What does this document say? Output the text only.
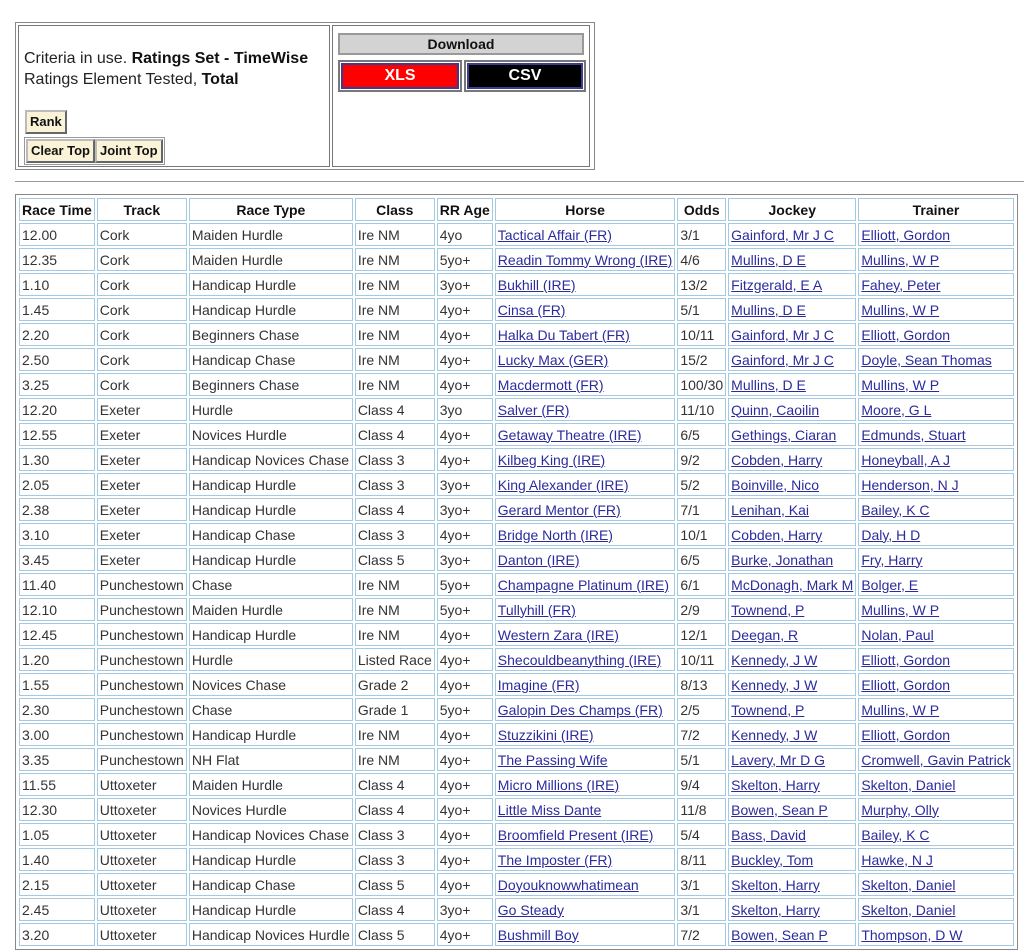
Criteria in use. Ratings Set - TimeWise
Ratings Element Tested, Total
Rank
Clear Top Joint Top
Download
XLS	CSV
Race Time	Track	Race Type	Class	RR Age	Horse	Odds	Jockey	Trainer
12.00	Cork	Maiden Hurdle	Ire NM	4yo	Tactical Affair (FR)	3/1	Gainford, Mr J C	Elliott, Gordon
12.35	Cork	Maiden Hurdle	Ire NM	5yo+	Readin Tommy Wrong (IRE)	4/6	Mullins, D E	Mullins, W P
1.10	Cork	Handicap Hurdle	Ire NM	3yo+	Bukhill (IRE)	13/2	Fitzgerald, E A	Fahey, Peter
1.45	Cork	Handicap Hurdle	Ire NM	4yo+	Cinsa (FR)	5/1	Mullins, D E	Mullins, W P
2.20	Cork	Beginners Chase	Ire NM	4yo+	Halka Du Tabert (FR)	10/11	Gainford, Mr J C	Elliott, Gordon
2.50	Cork	Handicap Chase	Ire NM	4yo+	Lucky Max (GER)	15/2	Gainford, Mr J C	Doyle, Sean Thomas
3.25	Cork	Beginners Chase	Ire NM	4yo+	Macdermott (FR)	100/30	Mullins, D E	Mullins, W P
12.20	Exeter	Hurdle	Class 4	3yo	Salver (FR)	11/10	Quinn, Caoilin	Moore, G L
12.55	Exeter	Novices Hurdle	Class 4	4yo+	Getaway Theatre (IRE)	6/5	Gethings, Ciaran	Edmunds, Stuart
1.30	Exeter	Handicap Novices Chase	Class 3	4yo+	Kilbeg King (IRE)	9/2	Cobden, Harry	Honeyball, A J
2.05	Exeter	Handicap Hurdle	Class 3	3yo+	King Alexander (IRE)	5/2	Boinville, Nico	Henderson, N J
2.38	Exeter	Handicap Hurdle	Class 4	3yo+	Gerard Mentor (FR)	7/1	Lenihan, Kai	Bailey, K C
3.10	Exeter	Handicap Chase	Class 3	4yo+	Bridge North (IRE)	10/1	Cobden, Harry	Daly, H D
3.45	Exeter	Handicap Hurdle	Class 5	3yo+	Danton (IRE)	6/5	Burke, Jonathan	Fry, Harry
11.40	Punchestown	Chase	Ire NM	5yo+	Champagne Platinum (IRE)	6/1	McDonagh, Mark M	Bolger, E
12.10	Punchestown	Maiden Hurdle	Ire NM	5yo+	Tullyhill (FR)	2/9	Townend, P	Mullins, W P
12.45	Punchestown	Handicap Hurdle	Ire NM	4yo+	Western Zara (IRE)	12/1	Deegan, R	Nolan, Paul
1.20	Punchestown	Hurdle	Listed Race	4yo+	Shecouldbeanything (IRE)	10/11	Kennedy, J W	Elliott, Gordon
1.55	Punchestown	Novices Chase	Grade 2	4yo+	Imagine (FR)	8/13	Kennedy, J W	Elliott, Gordon
2.30	Punchestown	Chase	Grade 1	5yo+	Galopin Des Champs (FR)	2/5	Townend, P	Mullins, W P
3.00	Punchestown	Handicap Hurdle	Ire NM	4yo+	Stuzzikini (IRE)	7/2	Kennedy, J W	Elliott, Gordon
3.35	Punchestown	NH Flat	Ire NM	4yo+	The Passing Wife	5/1	Lavery, Mr D G	Cromwell, Gavin Patrick
11.55	Uttoxeter	Maiden Hurdle	Class 4	4yo+	Micro Millions (IRE)	9/4	Skelton, Harry	Skelton, Daniel
12.30	Uttoxeter	Novices Hurdle	Class 4	4yo+	Little Miss Dante	11/8	Bowen, Sean P	Murphy, Olly
1.05	Uttoxeter	Handicap Novices Chase	Class 3	4yo+	Broomfield Present (IRE)	5/4	Bass, David	Bailey, K C
1.40	Uttoxeter	Handicap Hurdle	Class 3	4yo+	The Imposter (FR)	8/11	Buckley, Tom	Hawke, N J
2.15	Uttoxeter	Handicap Chase	Class 5	4yo+	Doyouknowwhatimean	3/1	Skelton, Harry	Skelton, Daniel
2.45	Uttoxeter	Handicap Hurdle	Class 4	3yo+	Go Steady	3/1	Skelton, Harry	Skelton, Daniel
3.20	Uttoxeter	Handicap Novices Hurdle	Class 5	4yo+	Bushmill Boy	7/2	Bowen, Sean P	Thompson, D W
